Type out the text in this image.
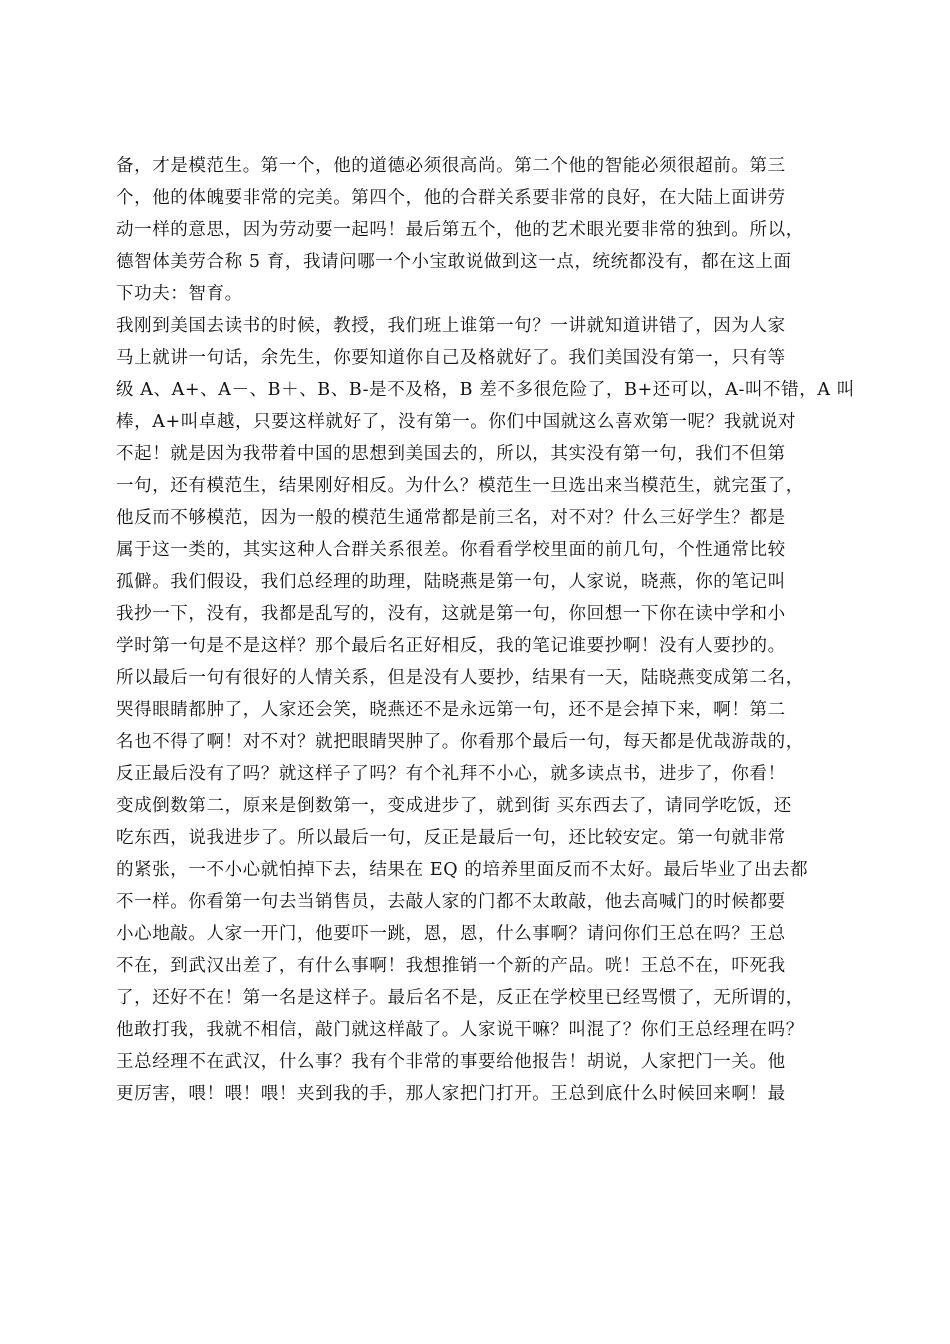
备，才是模范生。第一个，他的道德必须很高尚。第二个他的智能必须很超前。第三
个，他的体魄要非常的完美。第四个，他的合群关系要非常的良好，在大陆上面讲劳
动一样的意思，因为劳动要一起吗！最后第五个，他的艺术眼光要非常的独到。所以，
德智体美劳合称 5 育，我请问哪一个小宝敢说做到这一点，统统都没有，都在这上面
下功夫：智育。
我刚到美国去读书的时候，教授，我们班上谁第一句？一讲就知道讲错了，因为人家
马上就讲一句话，余先生，你要知道你自己及格就好了。我们美国没有第一，只有等
级 A、A+、A－、B＋、B、B-是不及格，B 差不多很危险了，B+还可以，A-叫不错，A 叫
棒，A+叫卓越，只要这样就好了，没有第一。你们中国就这么喜欢第一呢？我就说对
不起！就是因为我带着中国的思想到美国去的，所以，其实没有第一句，我们不但第
一句，还有模范生，结果刚好相反。为什么？模范生一旦选出来当模范生，就完蛋了，
他反而不够模范，因为一般的模范生通常都是前三名，对不对？什么三好学生？都是
属于这一类的，其实这种人合群关系很差。你看看学校里面的前几句，个性通常比较
孤僻。我们假设，我们总经理的助理，陆晓燕是第一句，人家说，晓燕，你的笔记叫
我抄一下，没有，我都是乱写的，没有，这就是第一句，你回想一下你在读中学和小
学时第一句是不是这样？那个最后名正好相反，我的笔记谁要抄啊！没有人要抄的。
所以最后一句有很好的人情关系，但是没有人要抄，结果有一天，陆晓燕变成第二名，
哭得眼睛都肿了，人家还会笑，晓燕还不是永远第一句，还不是会掉下来，啊！第二
名也不得了啊！对不对？就把眼睛哭肿了。你看那个最后一句，每天都是优哉游哉的，
反正最后没有了吗？就这样子了吗？有个礼拜不小心，就多读点书，进步了，你看！
变成倒数第二，原来是倒数第一，变成进步了，就到街 买东西去了，请同学吃饭，还
吃东西，说我进步了。所以最后一句，反正是最后一句，还比较安定。第一句就非常
的紧张，一不小心就怕掉下去，结果在 EQ 的培养里面反而不太好。最后毕业了出去都
不一样。你看第一句去当销售员，去敲人家的门都不太敢敲，他去高喊门的时候都要
小心地敲。人家一开门，他要吓一跳，恩，恩，什么事啊？请问你们王总在吗？王总
不在，到武汉出差了，有什么事啊！我想推销一个新的产品。咣！王总不在，吓死我
了，还好不在！第一名是这样子。最后名不是，反正在学校里已经骂惯了，无所谓的，
他敢打我，我就不相信，敲门就这样敲了。人家说干嘛？叫混了？你们王总经理在吗？
王总经理不在武汉，什么事？我有个非常的事要给他报告！胡说，人家把门一关。他
更厉害，喂！喂！喂！夹到我的手，那人家把门打开。王总到底什么时候回来啊！最
